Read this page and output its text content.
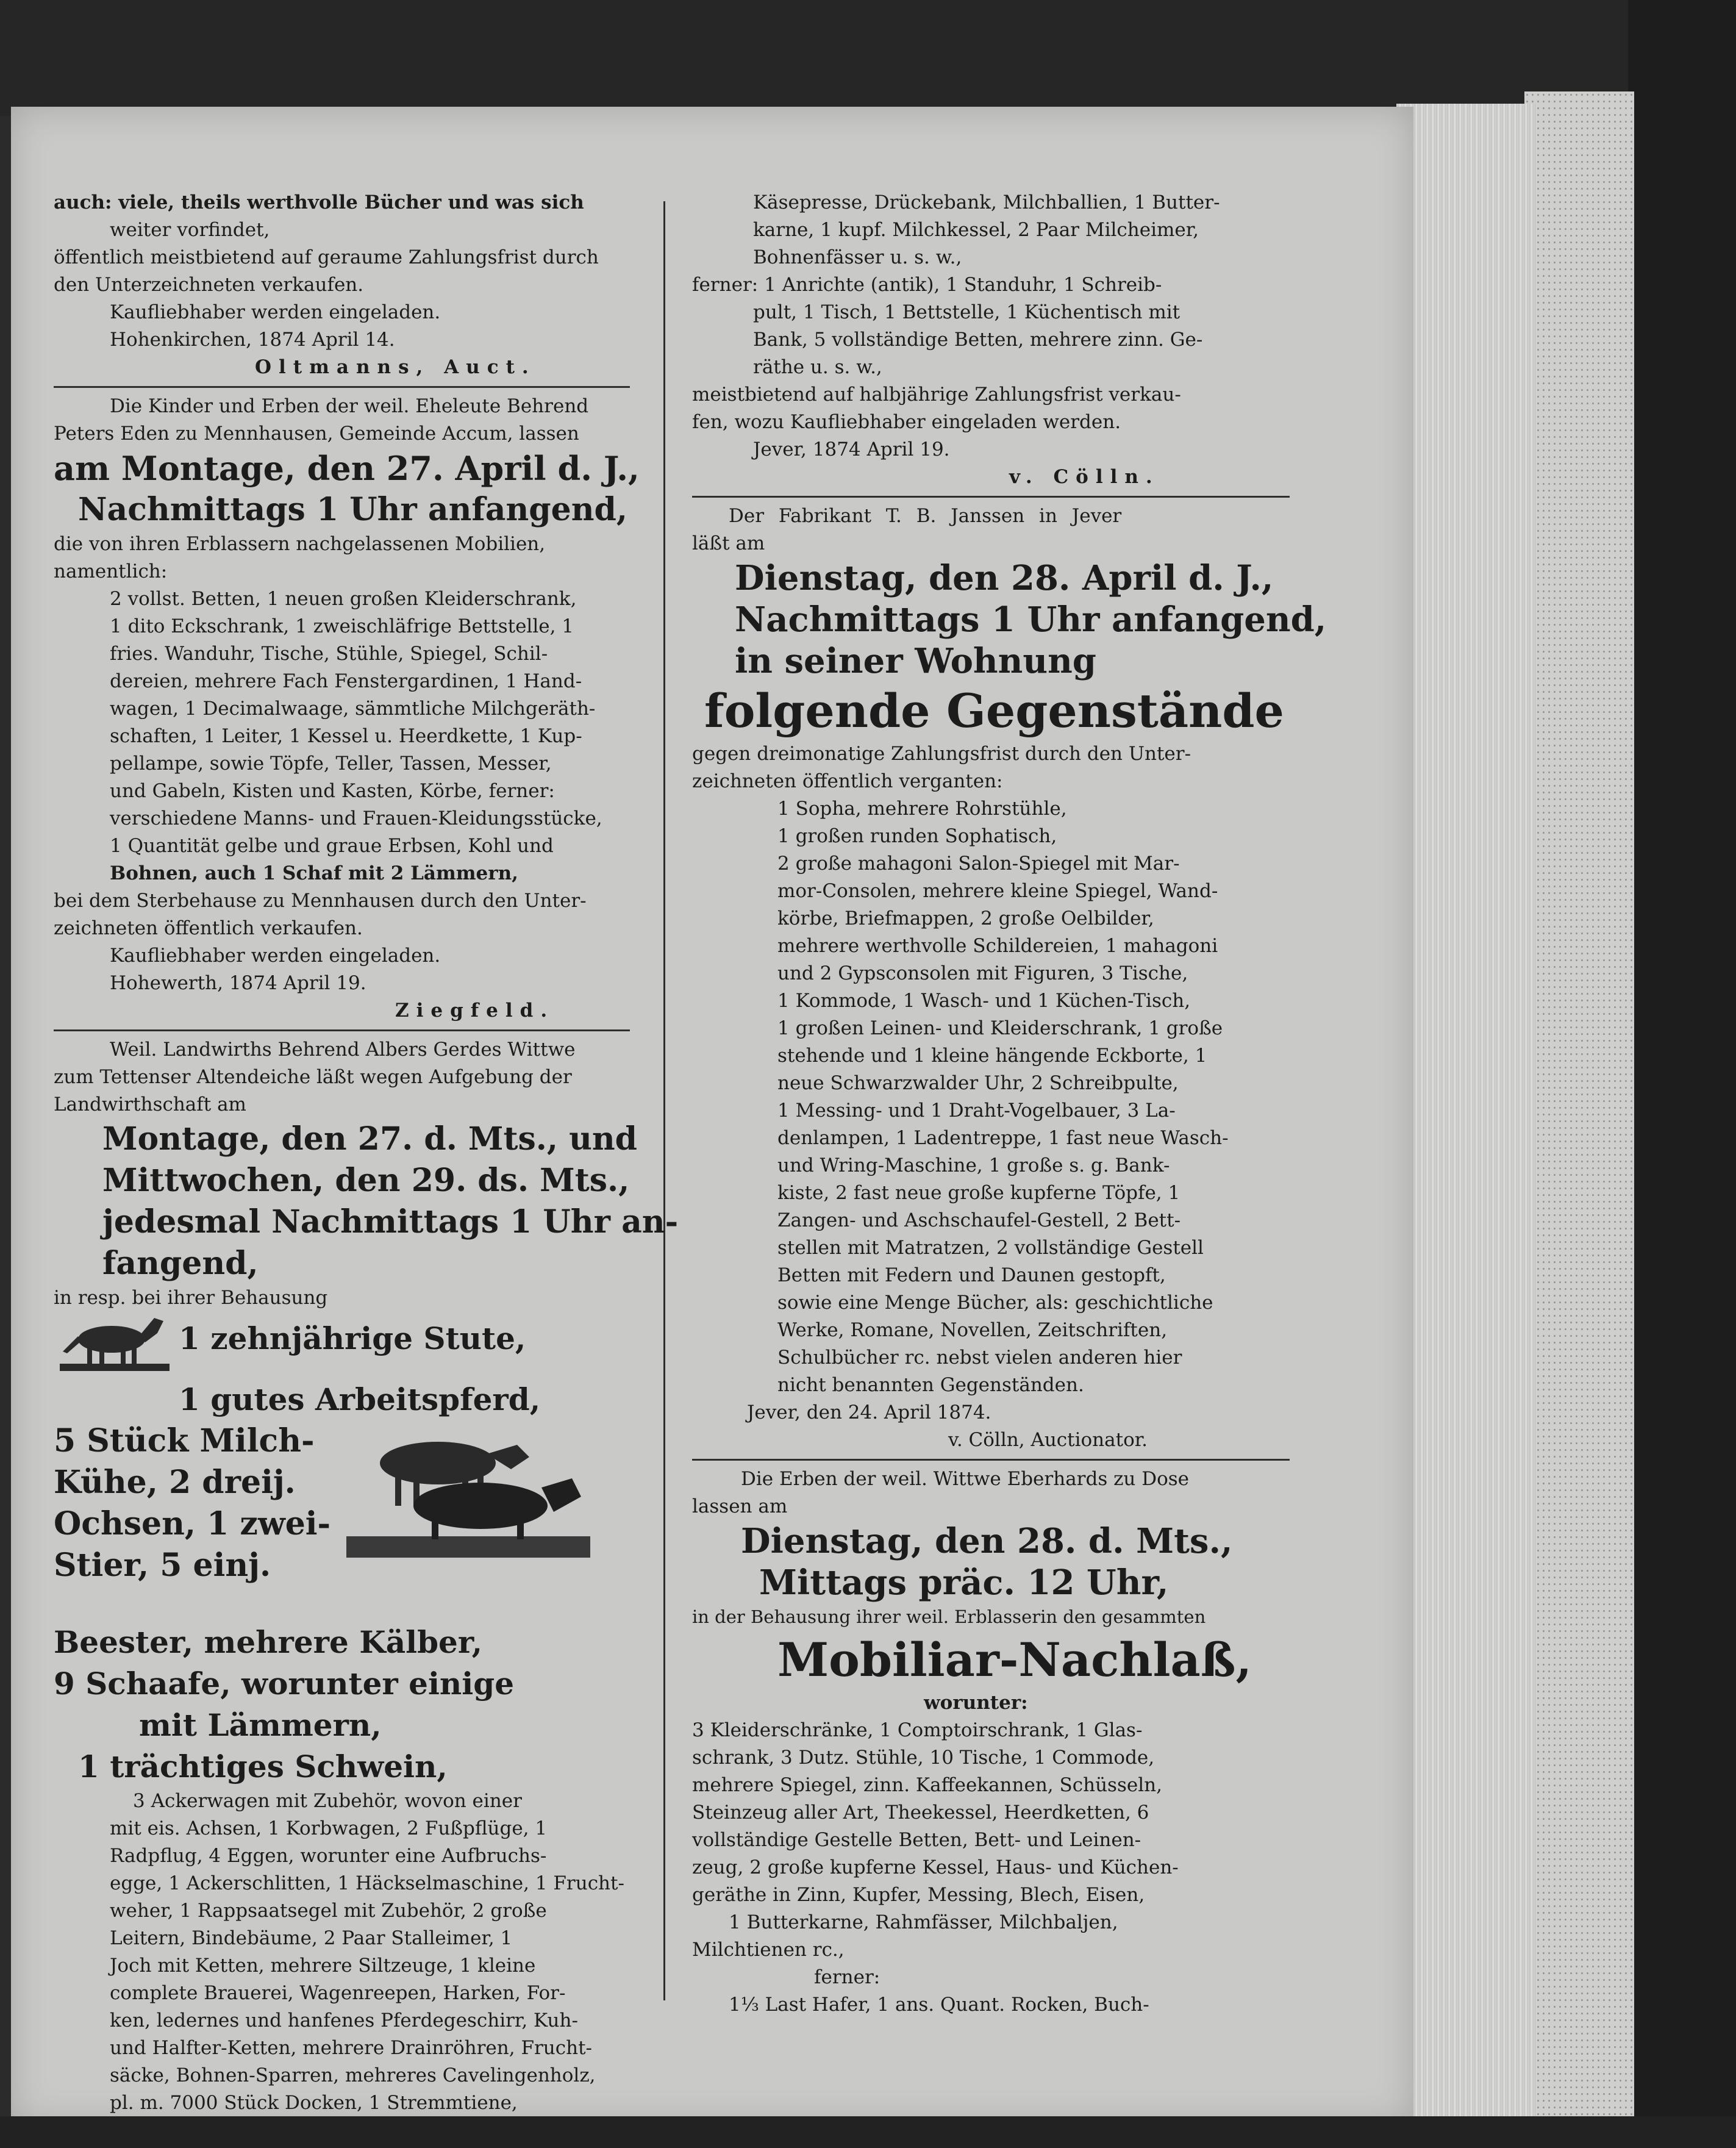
auch: viele, theils werthvolle Bücher und was sich

weiter vorfindet,

öffentlich meistbietend auf geraume Zahlungsfrist durch

den Unterzeichneten verkaufen.

Kaufliebhaber werden eingeladen.

Hohenkirchen, 1874 April 14.

Oltmanns, Auct.

Die Kinder und Erben der weil. Eheleute Behrend

Peters Eden zu Mennhausen, Gemeinde Accum, lassen

am Montage, den 27. April d. J.,

Nachmittags 1 Uhr anfangend,

die von ihren Erblassern nachgelassenen Mobilien,

namentlich:

2 vollst. Betten, 1 neuen großen Kleiderschrank,

1 dito Eckschrank, 1 zweischläfrige Bettstelle, 1

fries. Wanduhr, Tische, Stühle, Spiegel, Schil-

dereien, mehrere Fach Fenstergardinen, 1 Hand-

wagen, 1 Decimalwaage, sämmtliche Milchgeräth-

schaften, 1 Leiter, 1 Kessel u. Heerdkette, 1 Kup-

pellampe, sowie Töpfe, Teller, Tassen, Messer,

und Gabeln, Kisten und Kasten, Körbe, ferner:

verschiedene Manns- und Frauen-Kleidungsstücke,

1 Quantität gelbe und graue Erbsen, Kohl und

Bohnen, auch 1 Schaf mit 2 Lämmern,

bei dem Sterbehause zu Mennhausen durch den Unter-

zeichneten öffentlich verkaufen.

Kaufliebhaber werden eingeladen.

Hohewerth, 1874 April 19.

Ziegfeld.

Weil. Landwirths Behrend Albers Gerdes Wittwe

zum Tettenser Altendeiche läßt wegen Aufgebung der

Landwirthschaft am

Montage, den 27. d. Mts., und

Mittwochen, den 29. ds. Mts.,

jedesmal Nachmittags 1 Uhr an-

fangend,

in resp. bei ihrer Behausung

1 zehnjährige Stute,

1 gutes Arbeitspferd,

5 Stück Milch-

Kühe, 2 dreij.

Ochsen, 1 zwei-

Stier, 5 einj.

Beester, mehrere Kälber,

9 Schaafe, worunter einige

mit Lämmern,

1 trächtiges Schwein,

3 Ackerwagen mit Zubehör, wovon einer

mit eis. Achsen, 1 Korbwagen, 2 Fußpflüge, 1

Radpflug, 4 Eggen, worunter eine Aufbruchs-

egge, 1 Ackerschlitten, 1 Häckselmaschine, 1 Frucht-

weher, 1 Rappsaatsegel mit Zubehör, 2 große

Leitern, Bindebäume, 2 Paar Stalleimer, 1

Joch mit Ketten, mehrere Siltzeuge, 1 kleine

complete Brauerei, Wagenreepen, Harken, For-

ken, ledernes und hanfenes Pferdegeschirr, Kuh-

und Halfter-Ketten, mehrere Drainröhren, Frucht-

säcke, Bohnen-Sparren, mehreres Cavelingenholz,

pl. m. 7000 Stück Docken, 1 Stremmtiene,

Käsepresse, Drückebank, Milchballien, 1 Butter-

karne, 1 kupf. Milchkessel, 2 Paar Milcheimer,

Bohnenfässer u. s. w.,

ferner: 1 Anrichte (antik), 1 Standuhr, 1 Schreib-

pult, 1 Tisch, 1 Bettstelle, 1 Küchentisch mit

Bank, 5 vollständige Betten, mehrere zinn. Ge-

räthe u. s. w.,

meistbietend auf halbjährige Zahlungsfrist verkau-

fen, wozu Kaufliebhaber eingeladen werden.

Jever, 1874 April 19.

v. Cölln.

Der Fabrikant T. B. Janssen in Jever

läßt am

Dienstag, den 28. April d. J.,

Nachmittags 1 Uhr anfangend,

in seiner Wohnung

folgende Gegenstände

gegen dreimonatige Zahlungsfrist durch den Unter-

zeichneten öffentlich verganten:

1 Sopha, mehrere Rohrstühle,

1 großen runden Sophatisch,

2 große mahagoni Salon-Spiegel mit Mar-

mor-Consolen, mehrere kleine Spiegel, Wand-

körbe, Briefmappen, 2 große Oelbilder,

mehrere werthvolle Schildereien, 1 mahagoni

und 2 Gypsconsolen mit Figuren, 3 Tische,

1 Kommode, 1 Wasch- und 1 Küchen-Tisch,

1 großen Leinen- und Kleiderschrank, 1 große

stehende und 1 kleine hängende Eckborte, 1

neue Schwarzwalder Uhr, 2 Schreibpulte,

1 Messing- und 1 Draht-Vogelbauer, 3 La-

denlampen, 1 Ladentreppe, 1 fast neue Wasch-

und Wring-Maschine, 1 große s. g. Bank-

kiste, 2 fast neue große kupferne Töpfe, 1

Zangen- und Aschschaufel-Gestell, 2 Bett-

stellen mit Matratzen, 2 vollständige Gestell

Betten mit Federn und Daunen gestopft,

sowie eine Menge Bücher, als: geschichtliche

Werke, Romane, Novellen, Zeitschriften,

Schulbücher rc. nebst vielen anderen hier

nicht benannten Gegenständen.

Jever, den 24. April 1874.

v. Cölln, Auctionator.

Die Erben der weil. Wittwe Eberhards zu Dose

lassen am

Dienstag, den 28. d. Mts.,

Mittags präc. 12 Uhr,

in der Behausung ihrer weil. Erblasserin den gesammten

Mobiliar-Nachlaß,

worunter:

3 Kleiderschränke, 1 Comptoirschrank, 1 Glas-

schrank, 3 Dutz. Stühle, 10 Tische, 1 Commode,

mehrere Spiegel, zinn. Kaffeekannen, Schüsseln,

Steinzeug aller Art, Theekessel, Heerdketten, 6

vollständige Gestelle Betten, Bett- und Leinen-

zeug, 2 große kupferne Kessel, Haus- und Küchen-

geräthe in Zinn, Kupfer, Messing, Blech, Eisen,

1 Butterkarne, Rahmfässer, Milchbaljen,

Milchtienen rc.,

ferner:

1⅓ Last Hafer, 1 ans. Quant. Rocken, Buch-
